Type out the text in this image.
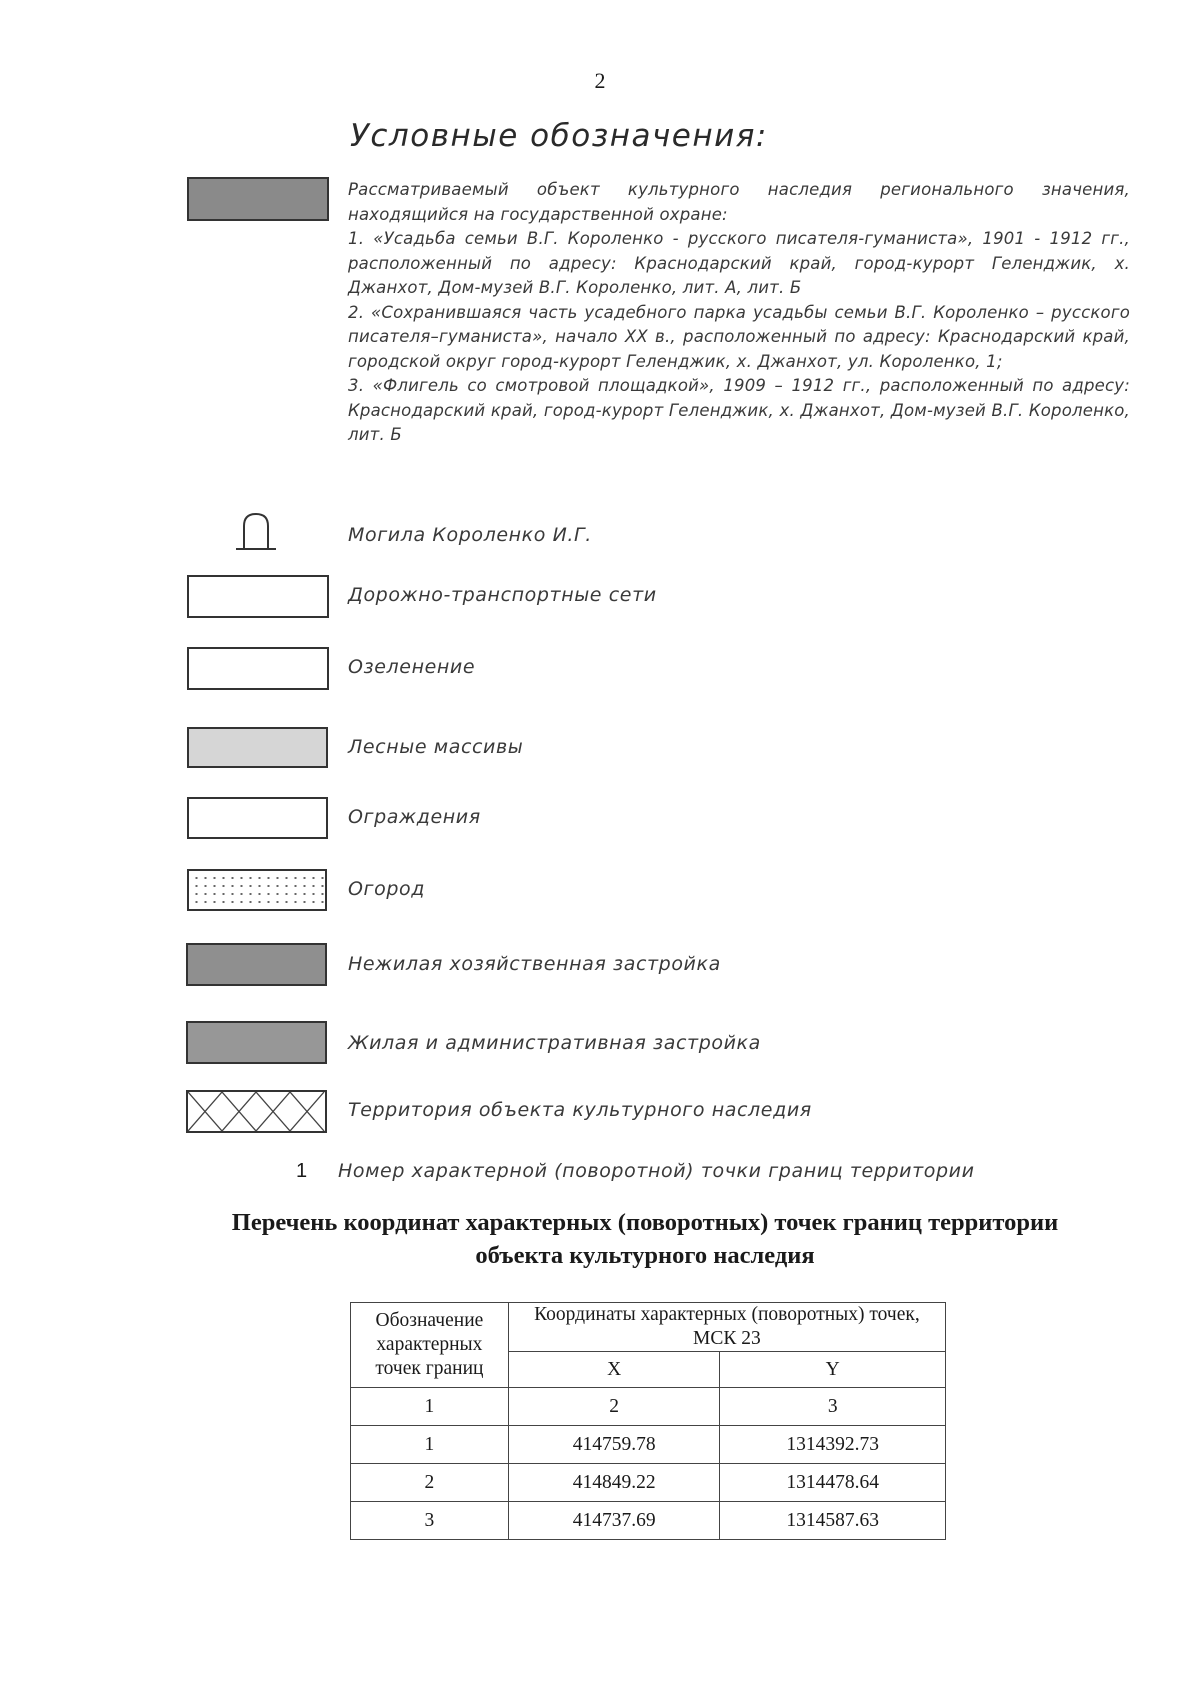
2
Условные обозначения:

Рассматриваемый объект культурного наследия регионального значения, находящийся на государственной охране:

1. «Усадьба семьи В.Г. Короленко - русского писателя-гуманиста», 1901 - 1912 гг., расположенный по адресу: Краснодарский край, город-курорт Геленджик, х. Джанхот, Дом-музей В.Г. Короленко, лит. А, лит. Б

2. «Сохранившаяся часть усадебного парка усадьбы семьи В.Г. Короленко – русского писателя–гуманиста», начало XX в., расположенный по адресу: Краснодарский край, городской округ город-курорт Геленджик, х. Джанхот, ул. Короленко, 1;

3. «Флигель со смотровой площадкой», 1909 – 1912 гг., расположенный по адресу: Краснодарский край, город-курорт Геленджик, х. Джанхот, Дом-музей В.Г. Короленко, лит. Б

Могила Короленко И.Г.
Дорожно-транспортные сети
Озеленение
Лесные массивы
Ограждения
Огород
Нежилая хозяйственная застройка
Жилая и административная застройка
Территория объекта культурного наследия
1 Номер характерной (поворотной) точки границ территории
Перечень координат характерных (поворотных) точек границ территории
объекта культурного наследия
Обозначение характерных точек границ	Координаты характерных (поворотных) точек, МСК 23	
	X	Y
1	2	3
1	414759.78	1314392.73
2	414849.22	1314478.64
3	414737.69	1314587.63
